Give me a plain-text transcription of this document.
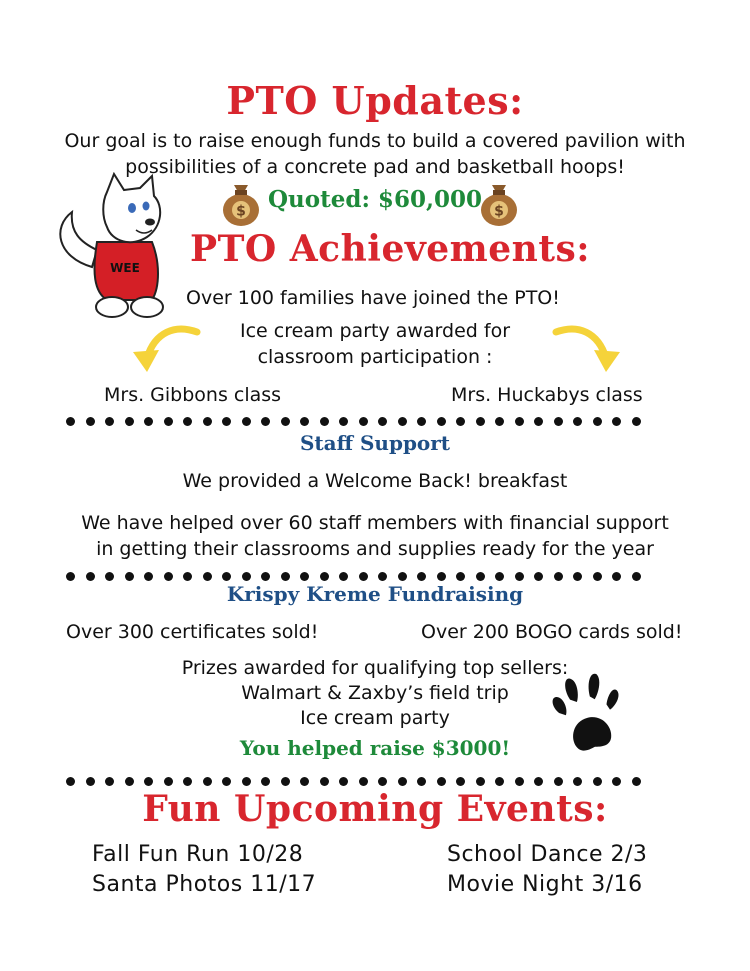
PTO Updates:
Our goal is to raise enough funds to build a covered pavilion with
possibilities of a concrete pad and basketball hoops!
$ Quoted: $60,000 $
WEE PTO Achievements:
Over 100 families have joined the PTO!
Ice cream party awarded for
classroom participation :
Mrs. Gibbons class	Mrs. Huckabys class
Staff Support
We provided a Welcome Back! breakfast
We have helped over 60 staff members with financial support
in getting their classrooms and supplies ready for the year
Krispy Kreme Fundraising
Over 300 certificates sold!	Over 200 BOGO cards sold!
Prizes awarded for qualifying top sellers:
Walmart & Zaxby’s field trip
Ice cream party
You helped raise $3000!
Fun Upcoming Events:
Fall Fun Run 10/28	School Dance 2/3
Santa Photos 11/17	Movie Night 3/16
